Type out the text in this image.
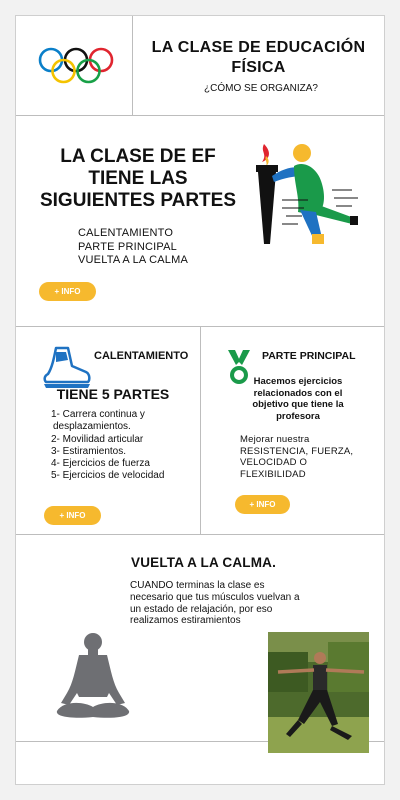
LA CLASE DE EDUCACIÓN FÍSICA
¿CÓMO SE ORGANIZA?
LA CLASE DE EF TIENE LAS SIGUIENTES PARTES
CALENTAMIENTO
PARTE PRINCIPAL
VUELTA A LA CALMA
+ INFO
CALENTAMIENTO
TIENE 5 PARTES
1- Carrera continua y
desplazamientos.
2- Movilidad articular
3- Estiramientos.
4- Ejercicios de fuerza
5- Ejercicios de velocidad
+ INFO
PARTE PRINCIPAL
Hacemos ejercicios relacionados con el objetivo que tiene la profesora
Mejorar nuestra RESISTENCIA, FUERZA, VELOCIDAD O FLEXIBILIDAD
+ INFO
VUELTA A LA CALMA.
CUANDO terminas la clase es necesario que tus músculos vuelvan a un estado de relajación, por eso realizamos estiramientos
